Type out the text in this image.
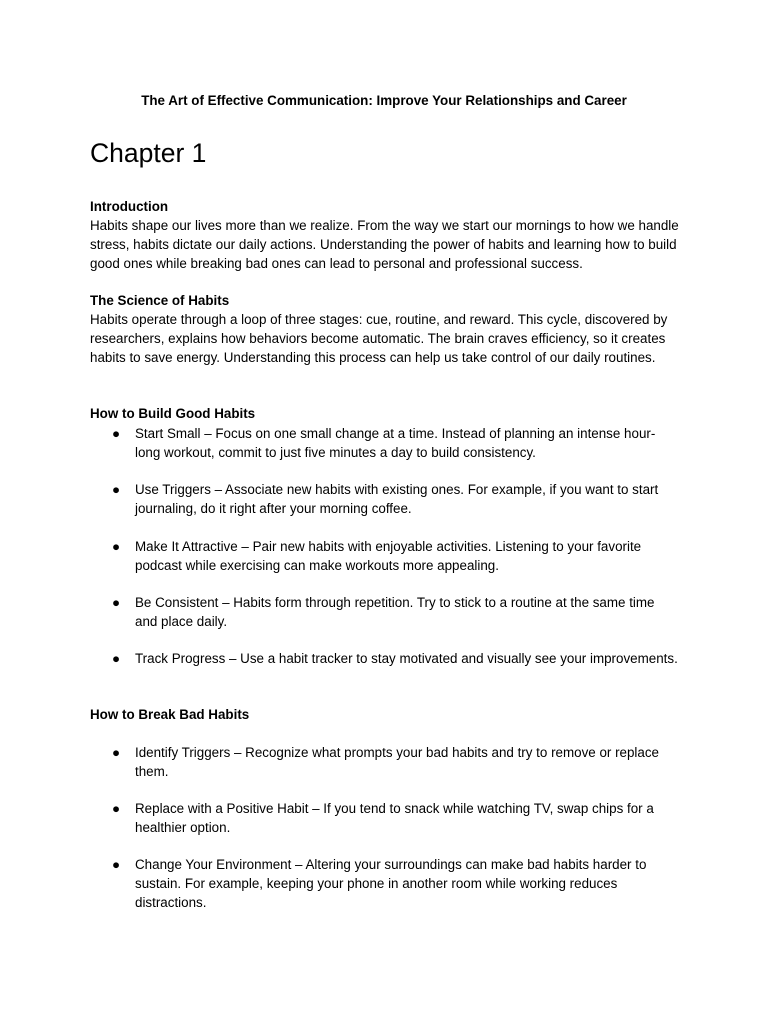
The Art of Effective Communication: Improve Your Relationships and Career

Chapter 1
Introduction

Habits shape our lives more than we realize. From the way we start our mornings to how we handle stress, habits dictate our daily actions. Understanding the power of habits and learning how to build good ones while breaking bad ones can lead to personal and professional success.

The Science of Habits

Habits operate through a loop of three stages: cue, routine, and reward. This cycle, discovered by researchers, explains how behaviors become automatic. The brain craves efficiency, so it creates habits to save energy. Understanding this process can help us take control of our daily routines.

How to Build Good Habits
● Start Small – Focus on one small change at a time. Instead of planning an intense hour-long workout, commit to just five minutes a day to build consistency.
● Use Triggers – Associate new habits with existing ones. For example, if you want to start journaling, do it right after your morning coffee.
● Make It Attractive – Pair new habits with enjoyable activities. Listening to your favorite podcast while exercising can make workouts more appealing.
● Be Consistent – Habits form through repetition. Try to stick to a routine at the same time and place daily.
● Track Progress – Use a habit tracker to stay motivated and visually see your improvements.
How to Break Bad Habits
● Identify Triggers – Recognize what prompts your bad habits and try to remove or replace them.
● Replace with a Positive Habit – If you tend to snack while watching TV, swap chips for a healthier option.
● Change Your Environment – Altering your surroundings can make bad habits harder to sustain. For example, keeping your phone in another room while working reduces distractions.
